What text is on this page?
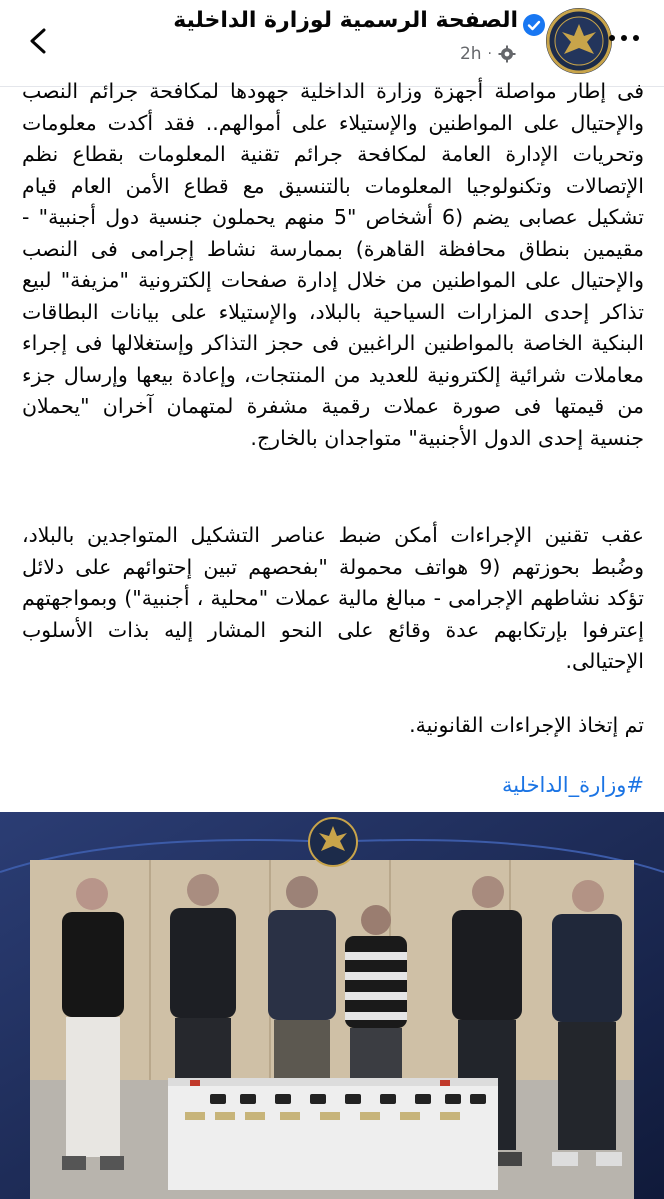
الصفحة الرسمية لوزارة الداخلية
2h ·

فى إطار مواصلة أجهزة وزارة الداخلية جهودها لمكافحة جرائم النصب والإحتيال على المواطنين والإستيلاء على أموالهم.. فقد أكدت معلومات وتحريات الإدارة العامة لمكافحة جرائم تقنية المعلومات بقطاع نظم الإتصالات وتكنولوجيا المعلومات بالتنسيق مع قطاع الأمن العام قيام تشكيل عصابى يضم (6 أشخاص "5 منهم يحملون جنسية دول أجنبية" - مقيمين بنطاق محافظة القاهرة) بممارسة نشاط إجرامى فى النصب والإحتيال على المواطنين من خلال إدارة صفحات إلكترونية "مزيفة" لبيع تذاكر إحدى المزارات السياحية بالبلاد، والإستيلاء على بيانات البطاقات البنكية الخاصة بالمواطنين الراغبين فى حجز التذاكر وإستغلالها فى إجراء معاملات شرائية إلكترونية للعديد من المنتجات، وإعادة بيعها وإرسال جزء من قيمتها فى صورة عملات رقمية مشفرة لمتهمان آخران "يحملان جنسية إحدى الدول الأجنبية" متواجدان بالخارج.

عقب تقنين الإجراءات أمكن ضبط عناصر التشكيل المتواجدين بالبلاد، وضُبط بحوزتهم (9 هواتف محمولة "بفحصهم تبين إحتوائهم على دلائل تؤكد نشاطهم الإجرامى - مبالغ مالية عملات "محلية ، أجنبية") وبمواجهتهم إعترفوا بإرتكابهم عدة وقائع على النحو المشار إليه بذات الأسلوب الإحتيالى.

تم إتخاذ الإجراءات القانونية.

#وزارة_الداخلية
